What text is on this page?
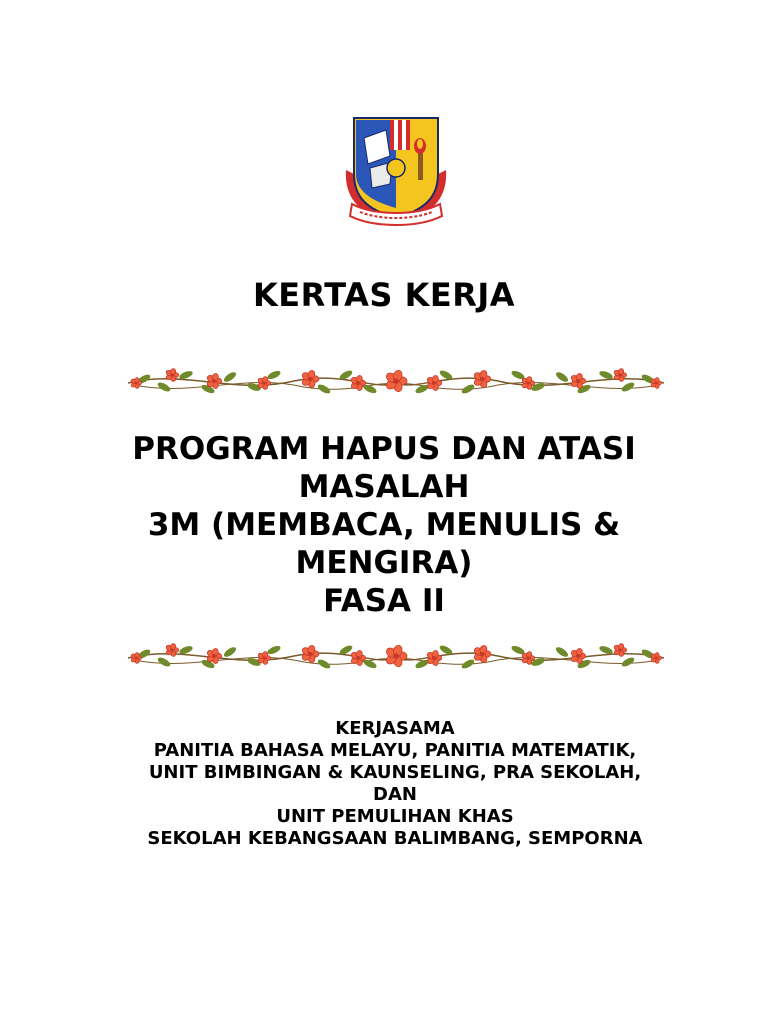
KERTAS KERJA
PROGRAM HAPUS DAN ATASI
MASALAH
3M (MEMBACA, MENULIS &
MENGIRA)
FASA II
KERJASAMA
PANITIA BAHASA MELAYU, PANITIA MATEMATIK,
UNIT BIMBINGAN & KAUNSELING, PRA SEKOLAH,
DAN
UNIT PEMULIHAN KHAS
SEKOLAH KEBANGSAAN BALIMBANG, SEMPORNA
